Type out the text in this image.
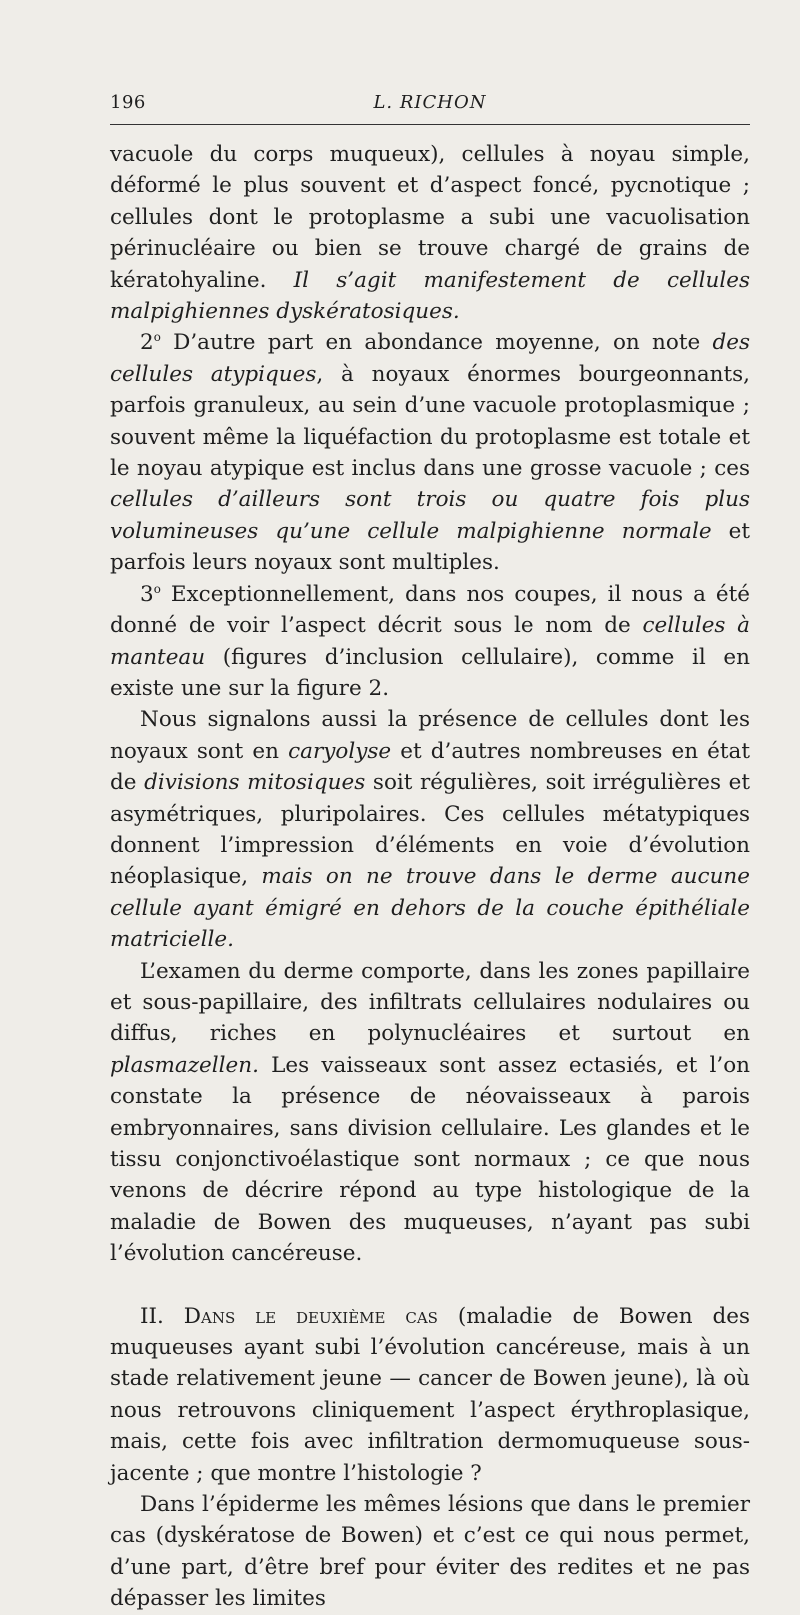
196	L. RICHON

vacuole du corps muqueux), cellules à noyau simple, déformé le plus souvent et d’aspect foncé, pycnotique ; cellules dont le protoplasme a subi une vacuolisation périnucléaire ou bien se trouve chargé de grains de kératohyaline. Il s’agit manifestement de cellules malpighiennes dyskératosiques.

2$^o$ D’autre part en abondance moyenne, on note des cellules atypiques, à noyaux énormes bourgeonnants, parfois granuleux, au sein d’une vacuole protoplasmique ; souvent même la liquéfaction du protoplasme est totale et le noyau atypique est inclus dans une grosse vacuole ; ces cellules d’ailleurs sont trois ou quatre fois plus volumineuses qu’une cellule malpighienne normale et parfois leurs noyaux sont multiples.

3$^o$ Exceptionnellement, dans nos coupes, il nous a été donné de voir l’aspect décrit sous le nom de cellules à manteau (figures d’inclusion cellulaire), comme il en existe une sur la figure 2.

Nous signalons aussi la présence de cellules dont les noyaux sont en caryolyse et d’autres nombreuses en état de divisions mitosiques soit régulières, soit irrégulières et asymétriques, pluripolaires. Ces cellules métatypiques donnent l’impression d’éléments en voie d’évolution néoplasique, mais on ne trouve dans le derme aucune cellule ayant émigré en dehors de la couche épithéliale matricielle.

L’examen du derme comporte, dans les zones papillaire et sous-papillaire, des infiltrats cellulaires nodulaires ou diffus, riches en polynucléaires et surtout en plasmazellen. Les vaisseaux sont assez ectasiés, et l’on constate la présence de néovaisseaux à parois embryonnaires, sans division cellulaire. Les glandes et le tissu conjonctivoélastique sont normaux ; ce que nous venons de décrire répond au type histologique de la maladie de Bowen des muqueuses, n’ayant pas subi l’évolution cancéreuse.

II. Dans le deuxième cas (maladie de Bowen des muqueuses ayant subi l’évolution cancéreuse, mais à un stade relativement jeune — cancer de Bowen jeune), là où nous retrouvons cliniquement l’aspect érythroplasique, mais, cette fois avec infiltration dermomuqueuse sous-jacente ; que montre l’histologie ?

Dans l’épiderme les mêmes lésions que dans le premier cas (dyskératose de Bowen) et c’est ce qui nous permet, d’une part, d’être bref pour éviter des redites et ne pas dépasser les limites
